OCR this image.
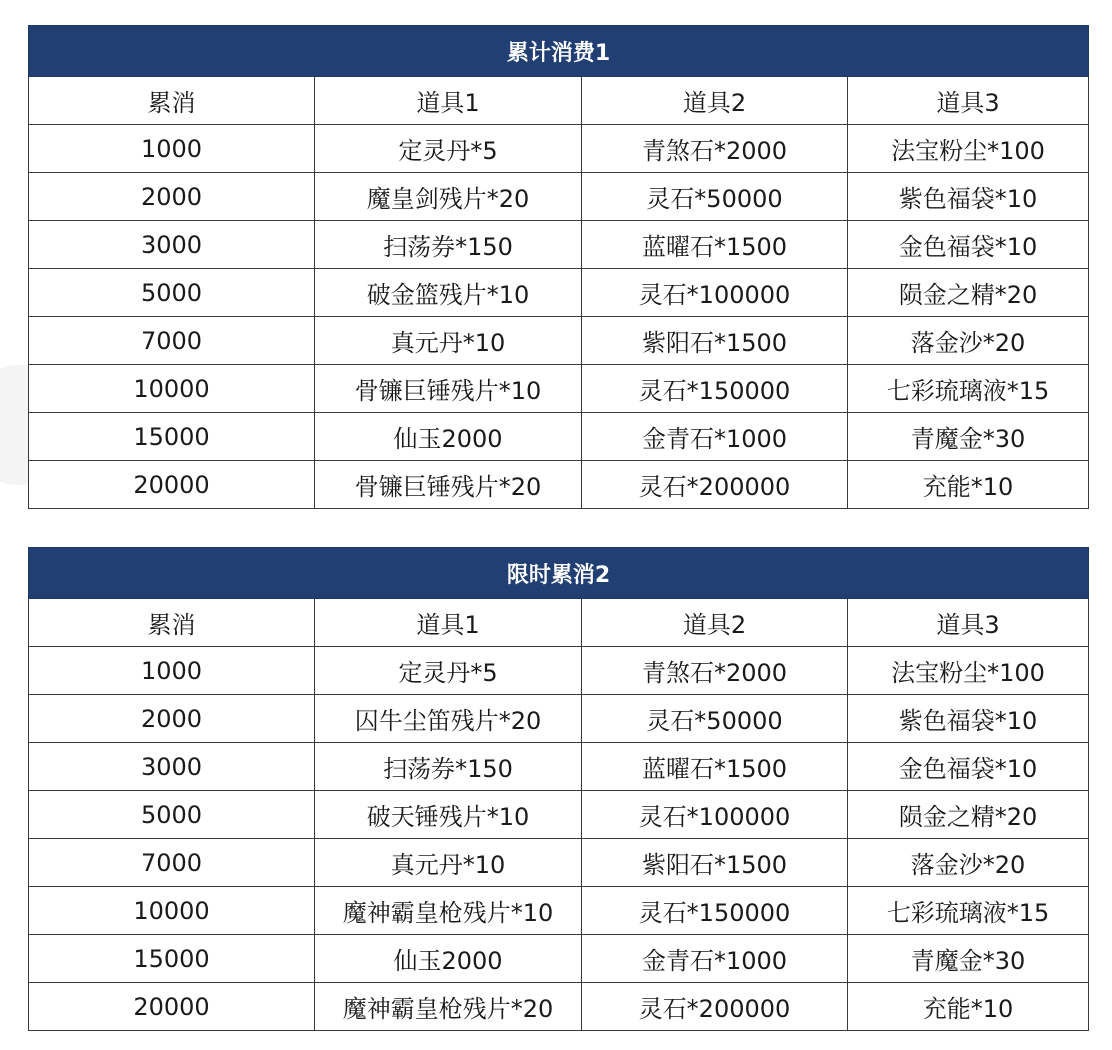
累计消费1			
累消	道具1	道具2	道具3
1000	定灵丹*5	青煞石*2000	法宝粉尘*100
2000	魔皇剑残片*20	灵石*50000	紫色福袋*10
3000	扫荡券*150	蓝曜石*1500	金色福袋*10
5000	破金篮残片*10	灵石*100000	陨金之精*20
7000	真元丹*10	紫阳石*1500	落金沙*20
10000	骨镰巨锤残片*10	灵石*150000	七彩琉璃液*15
15000	仙玉2000	金青石*1000	青魔金*30
20000	骨镰巨锤残片*20	灵石*200000	充能*10
限时累消2			
累消	道具1	道具2	道具3
1000	定灵丹*5	青煞石*2000	法宝粉尘*100
2000	囚牛尘笛残片*20	灵石*50000	紫色福袋*10
3000	扫荡券*150	蓝曜石*1500	金色福袋*10
5000	破天锤残片*10	灵石*100000	陨金之精*20
7000	真元丹*10	紫阳石*1500	落金沙*20
10000	魔神霸皇枪残片*10	灵石*150000	七彩琉璃液*15
15000	仙玉2000	金青石*1000	青魔金*30
20000	魔神霸皇枪残片*20	灵石*200000	充能*10
